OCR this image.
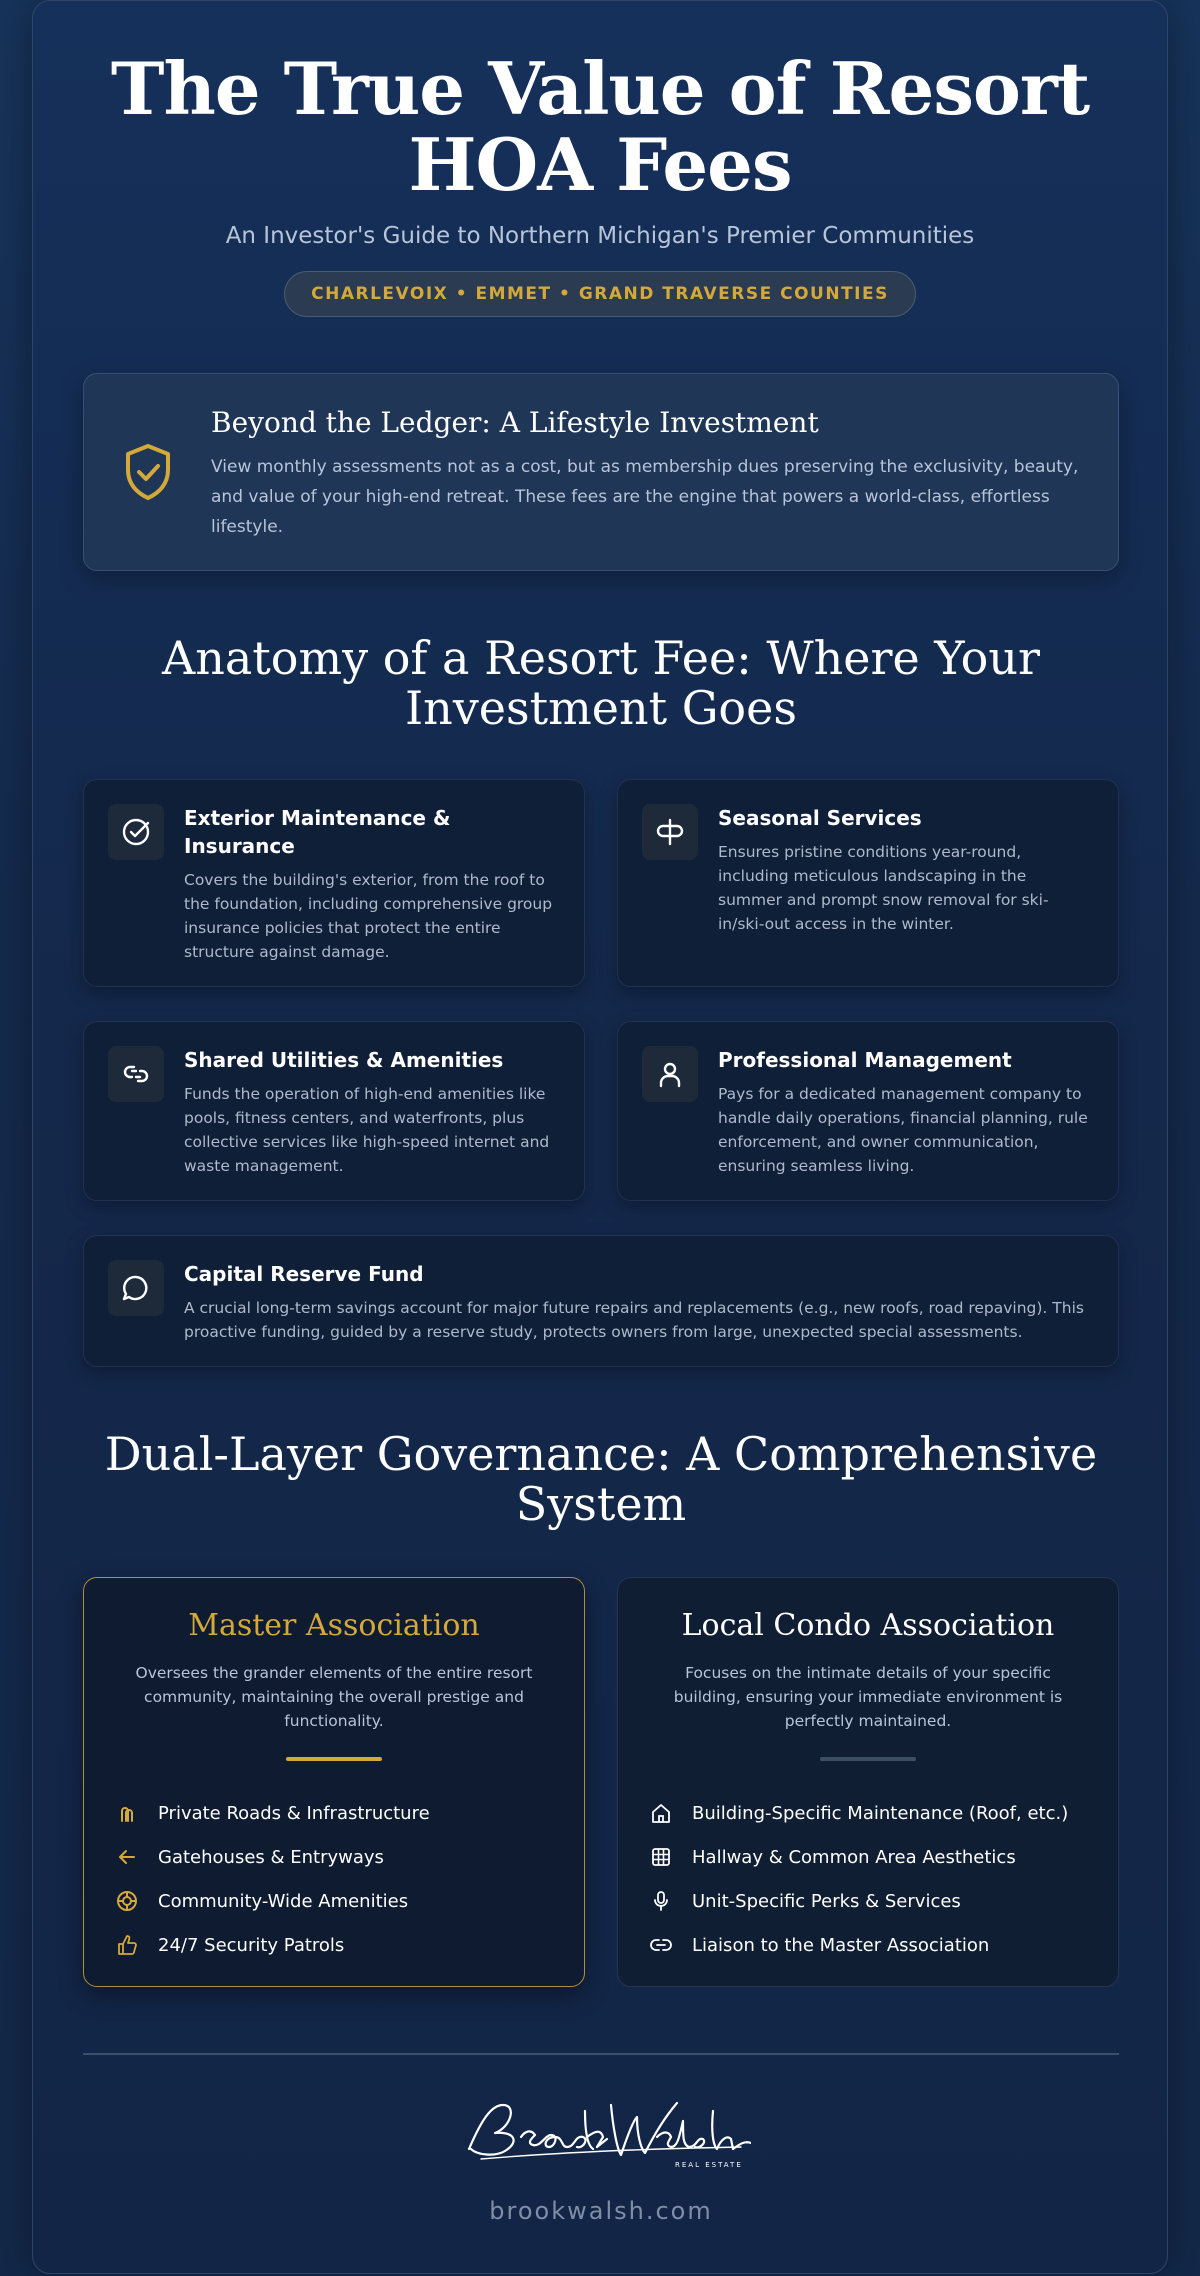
The True Value of Resort
HOA Fees
An Investor's Guide to Northern Michigan's Premier Communities
CHARLEVOIX • EMMET • GRAND TRAVERSE COUNTIES
Beyond the Ledger: A Lifestyle Investment

View monthly assessments not as a cost, but as membership dues preserving the exclusivity, beauty, and value of your high-end retreat. These fees are the engine that powers a world-class, effortless lifestyle.

Anatomy of a Resort Fee: Where Your
Investment Goes
Exterior Maintenance & Insurance

Covers the building's exterior, from the roof to the foundation, including comprehensive group insurance policies that protect the entire structure against damage.

Seasonal Services

Ensures pristine conditions year-round, including meticulous landscaping in the summer and prompt snow removal for ski-in/ski-out access in the winter.

Shared Utilities & Amenities

Funds the operation of high-end amenities like pools, fitness centers, and waterfronts, plus collective services like high-speed internet and waste management.

Professional Management

Pays for a dedicated management company to handle daily operations, financial planning, rule enforcement, and owner communication, ensuring seamless living.

Capital Reserve Fund

A crucial long-term savings account for major future repairs and replacements (e.g., new roofs, road repaving). This proactive funding, guided by a reserve study, protects owners from large, unexpected special assessments.

Dual-Layer Governance: A Comprehensive
System
Master Association

Oversees the grander elements of the entire resort community, maintaining the overall prestige and functionality.

Private Roads & Infrastructure
Gatehouses & Entryways
Community-Wide Amenities
24/7 Security Patrols
Local Condo Association

Focuses on the intimate details of your specific building, ensuring your immediate environment is perfectly maintained.

Building-Specific Maintenance (Roof, etc.)
Hallway & Common Area Aesthetics
Unit-Specific Perks & Services
Liaison to the Master Association
REAL ESTATE
brookwalsh.com
